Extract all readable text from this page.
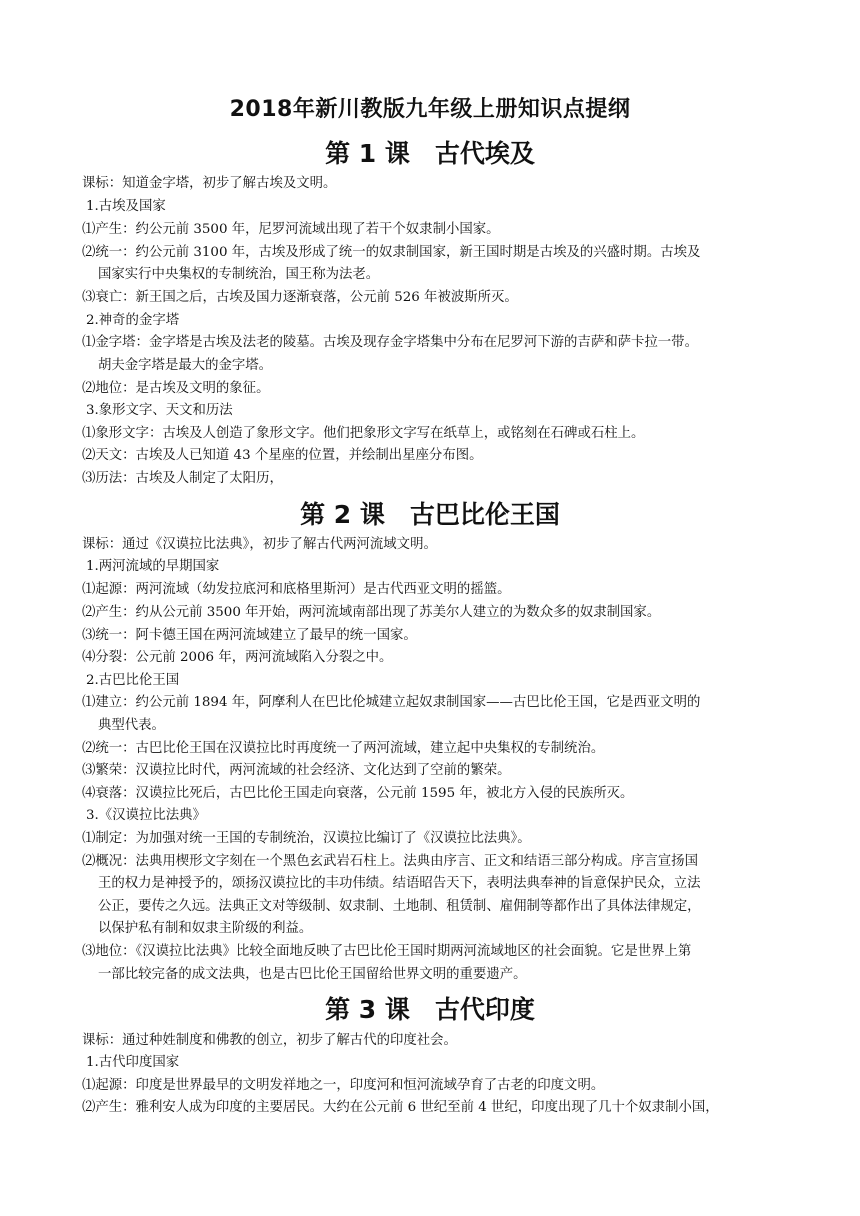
2018年新川教版九年级上册知识点提纲
第 1 课　古代埃及
课标：知道金字塔，初步了解古埃及文明。
1.古埃及国家
⑴产生：约公元前 3500 年，尼罗河流域出现了若干个奴隶制小国家。
⑵统一：约公元前 3100 年，古埃及形成了统一的奴隶制国家，新王国时期是古埃及的兴盛时期。古埃及
国家实行中央集权的专制统治，国王称为法老。
⑶衰亡：新王国之后，古埃及国力逐渐衰落，公元前 526 年被波斯所灭。
2.神奇的金字塔
⑴金字塔：金字塔是古埃及法老的陵墓。古埃及现存金字塔集中分布在尼罗河下游的吉萨和萨卡拉一带。
胡夫金字塔是最大的金字塔。
⑵地位：是古埃及文明的象征。
3.象形文字、天文和历法
⑴象形文字：古埃及人创造了象形文字。他们把象形文字写在纸草上，或铭刻在石碑或石柱上。
⑵天文：古埃及人已知道 43 个星座的位置，并绘制出星座分布图。
⑶历法：古埃及人制定了太阳历，
第 2 课　古巴比伦王国
课标：通过《汉谟拉比法典》，初步了解古代两河流域文明。
1.两河流域的早期国家
⑴起源：两河流域（幼发拉底河和底格里斯河）是古代西亚文明的摇篮。
⑵产生：约从公元前 3500 年开始，两河流域南部出现了苏美尔人建立的为数众多的奴隶制国家。
⑶统一：阿卡德王国在两河流域建立了最早的统一国家。
⑷分裂：公元前 2006 年，两河流域陷入分裂之中。
2.古巴比伦王国
⑴建立：约公元前 1894 年，阿摩利人在巴比伦城建立起奴隶制国家——古巴比伦王国，它是西亚文明的
典型代表。
⑵统一：古巴比伦王国在汉谟拉比时再度统一了两河流域，建立起中央集权的专制统治。
⑶繁荣：汉谟拉比时代，两河流域的社会经济、文化达到了空前的繁荣。
⑷衰落：汉谟拉比死后，古巴比伦王国走向衰落，公元前 1595 年，被北方入侵的民族所灭。
3.《汉谟拉比法典》
⑴制定：为加强对统一王国的专制统治，汉谟拉比编订了《汉谟拉比法典》。
⑵概况：法典用楔形文字刻在一个黑色玄武岩石柱上。法典由序言、正文和结语三部分构成。序言宣扬国
王的权力是神授予的，颂扬汉谟拉比的丰功伟绩。结语昭告天下，表明法典奉神的旨意保护民众，立法
公正，要传之久远。法典正文对等级制、奴隶制、土地制、租赁制、雇佣制等都作出了具体法律规定，
以保护私有制和奴隶主阶级的利益。
⑶地位：《汉谟拉比法典》比较全面地反映了古巴比伦王国时期两河流域地区的社会面貌。它是世界上第
一部比较完备的成文法典，也是古巴比伦王国留给世界文明的重要遗产。
第 3 课　古代印度
课标：通过种姓制度和佛教的创立，初步了解古代的印度社会。
1.古代印度国家
⑴起源：印度是世界最早的文明发祥地之一，印度河和恒河流域孕育了古老的印度文明。
⑵产生：雅利安人成为印度的主要居民。大约在公元前 6 世纪至前 4 世纪，印度出现了几十个奴隶制小国，
